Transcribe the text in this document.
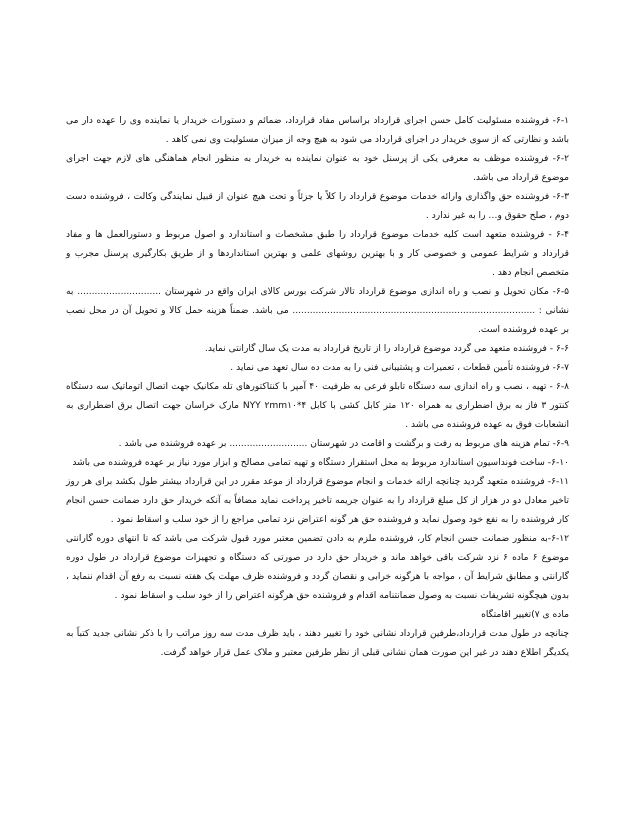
۶-۱- فروشنده مسئولیت کامل حسن اجرای قرارداد براساس مفاد قرارداد، ضمائم و دستورات خریدار یا نماینده وی را عهده دار می باشد و نظارتی که از سوی خریدار در اجرای قرارداد می شود به هیچ وجه از میزان مسئولیت وی نمی کاهد .

۶-۲- فروشنده موظف به معرفی یکی از پرسنل خود به عنوان نماینده به خریدار به منظور انجام هماهنگی های لازم جهت اجرای موضوع قرارداد می باشد.

۶-۳- فروشنده حق واگذاری وارائه خدمات موضوع قرارداد را کلاً یا جزئاً و تحت هیچ عنوان از قبیل نمایندگی وکالت ، فروشنده دست دوم ، صلح حقوق و… را به غیر ندارد .

۶-۴ - فروشنده متعهد است کلیه خدمات موضوع قرارداد را طبق مشخصات و استاندارد و اصول مربوط و دستورالعمل ها و مفاد قرارداد و شرایط عمومی و خصوصی کار و با بهترین روشهای علمی و بهترین استانداردها و از طریق بکارگیری پرسنل مجرب و متخصص انجام دهد .

۶-۵- مکان تحویل و نصب و راه اندازی موضوع قرارداد تالار شرکت بورس کالای ایران واقع در شهرستان ............................. به نشانی : .................................................................................... می باشد. ضمناً هزینه حمل کالا و تحویل آن در محل نصب بر عهده فروشنده است.

۶-۶ - فروشنده متعهد می گردد موضوع قرارداد را از تاریخ قرارداد به مدت یک سال گارانتی نماید.

۶-۷- فروشنده تأمین قطعات ، تعمیرات و پشتیبانی فنی را به مدت ده سال تعهد می نماید .

۶-۸ - تهیه ، نصب و راه اندازی سه دستگاه تابلو فرعی به ظرفیت ۴۰ آمپر با کنتاکتورهای تله مکانیک جهت اتصال اتوماتیک سه دستگاه کنتور ۳ فاز به برق اضطراری به همراه ۱۲۰ متر کابل کشی با کابل NYY ۲mm۱۰*۴ مارک خراسان جهت اتصال برق اضطراری به انشعابات فوق به عهده فروشنده می باشد .

۶-۹- تمام هزینه های مربوط به رفت و برگشت و اقامت در شهرستان ........................... بر عهده فروشنده می باشد .

۶-۱۰- ساخت فونداسیون استاندارد مربوط به محل استقرار دستگاه و تهیه تمامی مصالح و ابزار مورد نیاز بر عهده فروشنده می باشد

۶-۱۱- فروشنده متعهد گردید چنانچه ارائه خدمات و انجام موضوع قرارداد از موعد مقرر در این قرارداد بیشتر طول بکشد برای هر روز تاخیر معادل دو در هزار از کل مبلغ قرارداد را به عنوان جریمه تاخیر پرداخت نماید مضافاً به آنکه خریدار حق دارد ضمانت حسن انجام کار فروشنده را به نفع خود وصول نماید و فروشنده حق هر گونه اعتراض نزد تمامی مراجع را از خود سلب و اسقاط نمود .

۶-۱۲-به منظور ضمانت حسن انجام کار، فروشنده ملزم به دادن تضمین معتبر مورد قبول شرکت می باشد که تا انتهای دوره گارانتی موضوع ۶ ماده ۶ نزد شرکت باقی خواهد ماند و خریدار حق دارد در صورتی که دستگاه و تجهیزات موضوع قرارداد در طول دوره گارانتی و مطابق شرایط آن ، مواجه با هرگونه خرابی و نقصان گردد و فروشنده ظرف مهلت یک هفته نسبت به رفع آن اقدام ننماید ، بدون هیچگونه تشریفات نسبت به وصول ضمانتنامه اقدام و فروشنده حق هرگونه اعتراض را از خود سلب و اسقاط نمود .

ماده ی ۷)تغییر اقامتگاه

چنانچه در طول مدت قرارداد،طرفین قرارداد نشانی خود را تغییر دهند ، باید ظرف مدت سه روز مراتب را با ذکر نشانی جدید کتباً به یکدیگر اطلاع دهند در غیر این صورت همان نشانی قبلی از نظر طرفین معتبر و ملاک عمل قرار خواهد گرفت.
